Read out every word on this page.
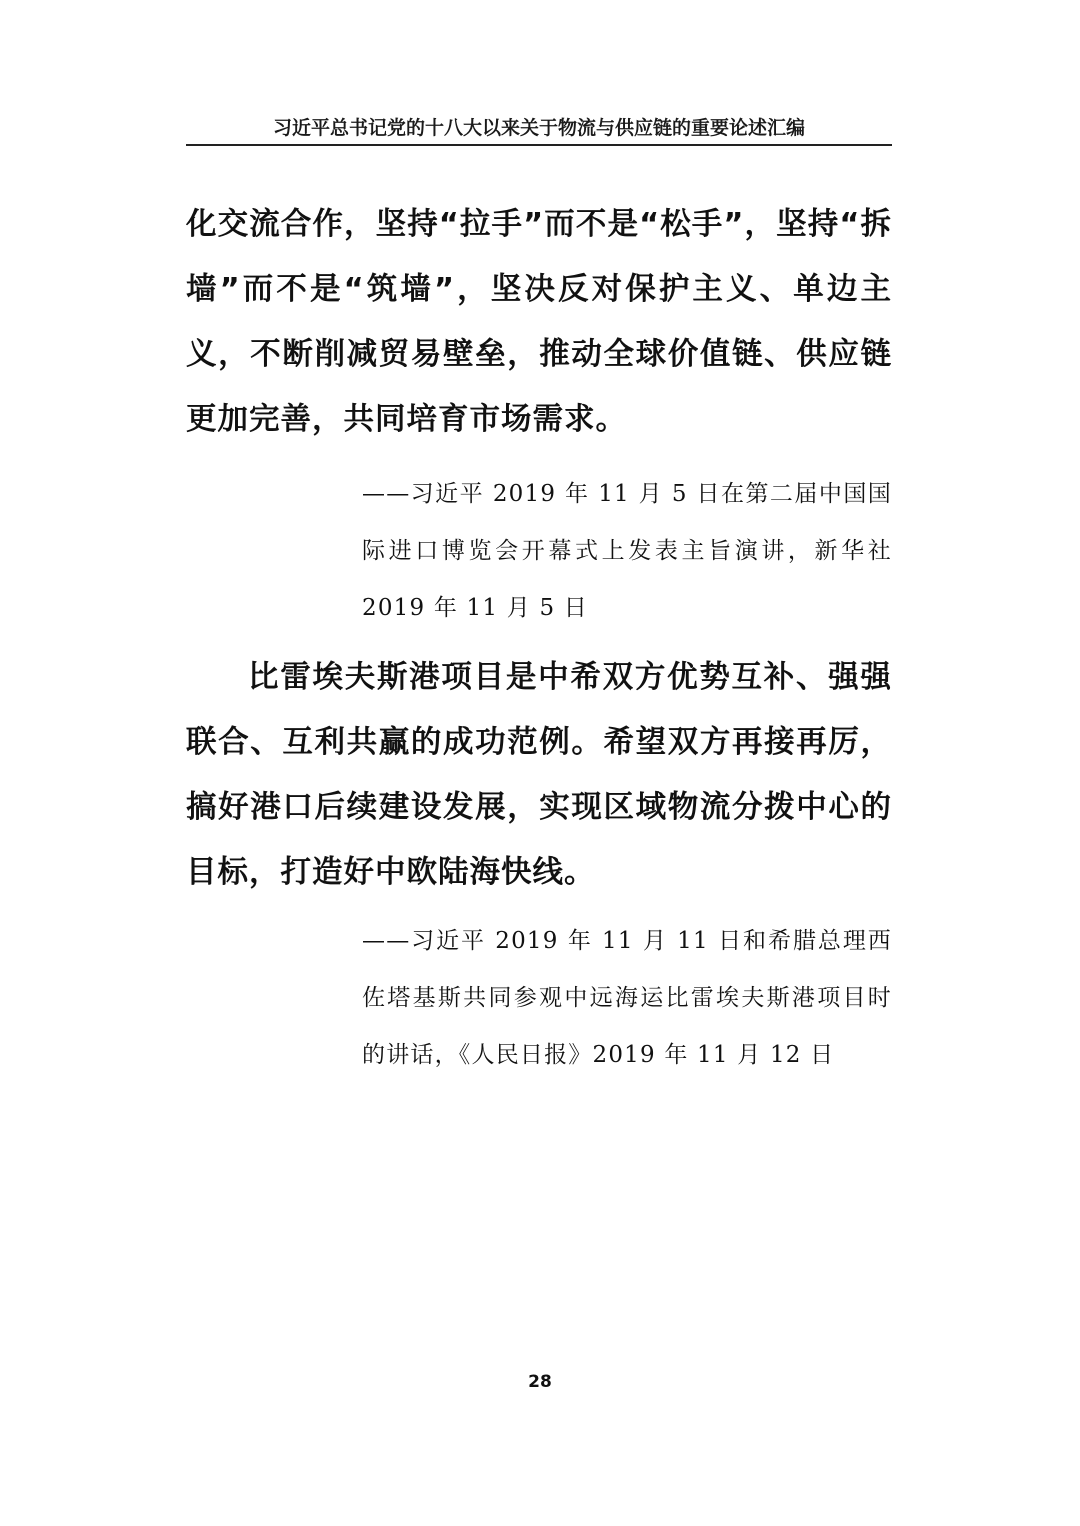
习近平总书记党的十八大以来关于物流与供应链的重要论述汇编

化交流合作，坚持“拉手”而不是“松手”，坚持“拆墙”而不是“筑墙”，坚决反对保护主义、单边主义，不断削减贸易壁垒，推动全球价值链、供应链更加完善，共同培育市场需求。

——习近平 2019 年 11 月 5 日在第二届中国国际进口博览会开幕式上发表主旨演讲，新华社 2019 年 11 月 5 日

比雷埃夫斯港项目是中希双方优势互补、强强联合、互利共赢的成功范例。希望双方再接再厉，搞好港口后续建设发展，实现区域物流分拨中心的目标，打造好中欧陆海快线。

——习近平 2019 年 11 月 11 日和希腊总理西佐塔基斯共同参观中远海运比雷埃夫斯港项目时的讲话，《人民日报》2019 年 11 月 12 日

28
